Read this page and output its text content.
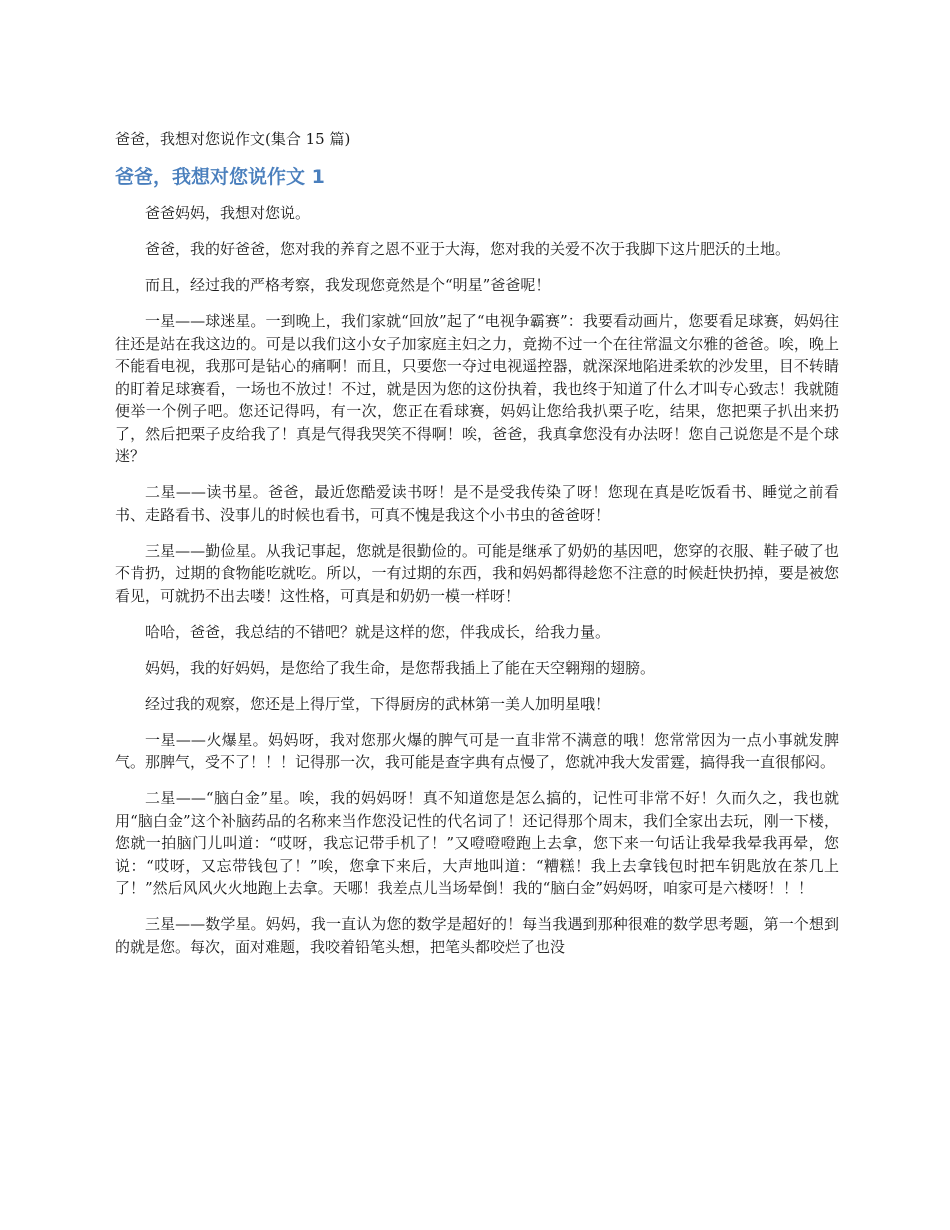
爸爸，我想对您说作文(集合 15 篇)

爸爸，我想对您说作文 1

爸爸妈妈，我想对您说。

爸爸，我的好爸爸，您对我的养育之恩不亚于大海，您对我的关爱不次于我脚下这片肥沃的土地。

而且，经过我的严格考察，我发现您竟然是个“明星”爸爸呢！

一星——球迷星。一到晚上，我们家就“回放”起了“电视争霸赛”：我要看动画片，您要看足球赛，妈妈往往还是站在我这边的。可是以我们这小女子加家庭主妇之力，竟拗不过一个在往常温文尔雅的爸爸。唉，晚上不能看电视，我那可是钻心的痛啊！而且，只要您一夺过电视遥控器，就深深地陷进柔软的沙发里，目不转睛的盯着足球赛看，一场也不放过！不过，就是因为您的这份执着，我也终于知道了什么才叫专心致志！我就随便举一个例子吧。您还记得吗，有一次，您正在看球赛，妈妈让您给我扒栗子吃，结果，您把栗子扒出来扔了，然后把栗子皮给我了！真是气得我哭笑不得啊！唉，爸爸，我真拿您没有办法呀！您自己说您是不是个球迷？

二星——读书星。爸爸，最近您酷爱读书呀！是不是受我传染了呀！您现在真是吃饭看书、睡觉之前看书、走路看书、没事儿的时候也看书，可真不愧是我这个小书虫的爸爸呀！

三星——勤俭星。从我记事起，您就是很勤俭的。可能是继承了奶奶的基因吧，您穿的衣服、鞋子破了也不肯扔，过期的食物能吃就吃。所以，一有过期的东西，我和妈妈都得趁您不注意的时候赶快扔掉，要是被您看见，可就扔不出去喽！这性格，可真是和奶奶一模一样呀！

哈哈，爸爸，我总结的不错吧？就是这样的您，伴我成长，给我力量。

妈妈，我的好妈妈，是您给了我生命，是您帮我插上了能在天空翱翔的翅膀。

经过我的观察，您还是上得厅堂，下得厨房的武林第一美人加明星哦！

一星——火爆星。妈妈呀，我对您那火爆的脾气可是一直非常不满意的哦！您常常因为一点小事就发脾气。那脾气，受不了！！！记得那一次，我可能是查字典有点慢了，您就冲我大发雷霆，搞得我一直很郁闷。

二星——“脑白金”星。唉，我的妈妈呀！真不知道您是怎么搞的，记性可非常不好！久而久之，我也就用“脑白金”这个补脑药品的名称来当作您没记性的代名词了！还记得那个周末，我们全家出去玩，刚一下楼，您就一拍脑门儿叫道：“哎呀，我忘记带手机了！”又噔噔噔跑上去拿，您下来一句话让我晕我晕我再晕，您说：“哎呀，又忘带钱包了！”唉，您拿下来后，大声地叫道：“糟糕！我上去拿钱包时把车钥匙放在茶几上了！”然后风风火火地跑上去拿。天哪！我差点儿当场晕倒！我的“脑白金”妈妈呀，咱家可是六楼呀！！！

三星——数学星。妈妈，我一直认为您的数学是超好的！每当我遇到那种很难的数学思考题，第一个想到的就是您。每次，面对难题，我咬着铅笔头想，把笔头都咬烂了也没
